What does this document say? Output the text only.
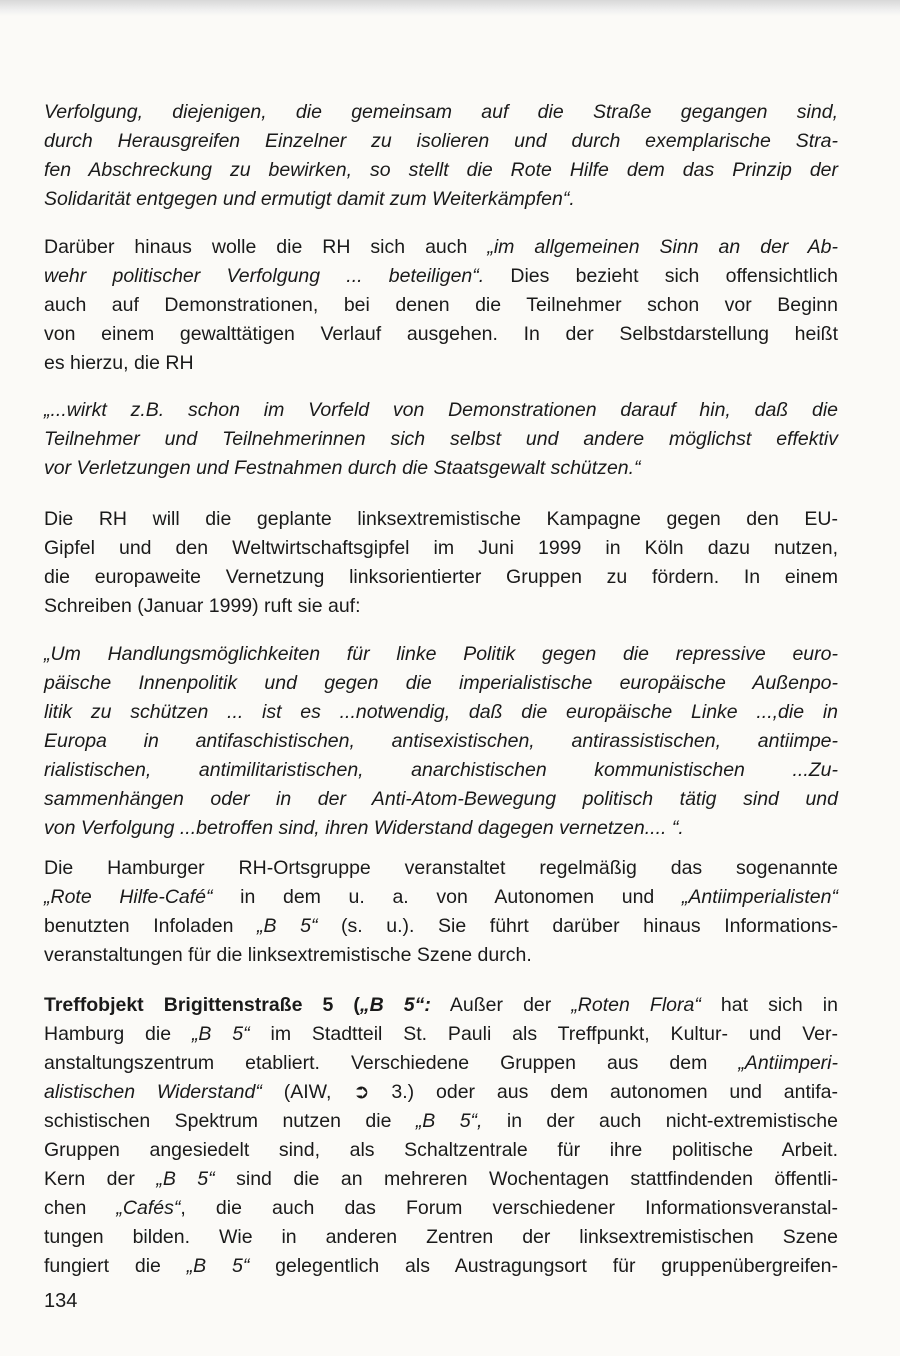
Verfolgung, diejenigen, die gemeinsam auf die Straße gegangen sind,
durch Herausgreifen Einzelner zu isolieren und durch exemplarische Stra-
fen Abschreckung zu bewirken, so stellt die Rote Hilfe dem das Prinzip der
Solidarität entgegen und ermutigt damit zum Weiterkämpfen“.

Darüber hinaus wolle die RH sich auch „im allgemeinen Sinn an der Ab-
wehr politischer Verfolgung ... beteiligen“. Dies bezieht sich offensichtlich
auch auf Demonstrationen, bei denen die Teilnehmer schon vor Beginn
von einem gewalttätigen Verlauf ausgehen. In der Selbstdarstellung heißt
es hierzu, die RH

„...wirkt z.B. schon im Vorfeld von Demonstrationen darauf hin, daß die
Teilnehmer und Teilnehmerinnen sich selbst und andere möglichst effektiv
vor Verletzungen und Festnahmen durch die Staatsgewalt schützen.“

Die RH will die geplante linksextremistische Kampagne gegen den EU-
Gipfel und den Weltwirtschaftsgipfel im Juni 1999 in Köln dazu nutzen,
die europaweite Vernetzung linksorientierter Gruppen zu fördern. In einem
Schreiben (Januar 1999) ruft sie auf:

„Um Handlungsmöglichkeiten für linke Politik gegen die repressive euro-
päische Innenpolitik und gegen die imperialistische europäische Außenpo-
litik zu schützen ... ist es ...notwendig, daß die europäische Linke ...,die in
Europa in antifaschistischen, antisexistischen, antirassistischen, antiimpe-
rialistischen, antimilitaristischen, anarchistischen kommunistischen ...Zu-
sammenhängen oder in der Anti-Atom-Bewegung politisch tätig sind und
von Verfolgung ...betroffen sind, ihren Widerstand dagegen vernetzen.... “.

Die Hamburger RH-Ortsgruppe veranstaltet regelmäßig das sogenannte
„Rote Hilfe-Café“ in dem u. a. von Autonomen und „Antiimperialisten“
benutzten Infoladen „B 5“ (s. u.). Sie führt darüber hinaus Informations-
veranstaltungen für die linksextremistische Szene durch.

Treffobjekt Brigittenstraße 5 („B 5“: Außer der „Roten Flora“ hat sich in
Hamburg die „B 5“ im Stadtteil St. Pauli als Treffpunkt, Kultur- und Ver-
anstaltungszentrum etabliert. Verschiedene Gruppen aus dem „Antiimperi-
alistischen Widerstand“ (AIW, ➲ 3.) oder aus dem autonomen und antifa-
schistischen Spektrum nutzen die „B 5“, in der auch nicht-extremistische
Gruppen angesiedelt sind, als Schaltzentrale für ihre politische Arbeit.
Kern der „B 5“ sind die an mehreren Wochentagen stattfindenden öffentli-
chen „Cafés“, die auch das Forum verschiedener Informationsveranstal-
tungen bilden. Wie in anderen Zentren der linksextremistischen Szene
fungiert die „B 5“ gelegentlich als Austragungsort für gruppenübergreifen-

134
